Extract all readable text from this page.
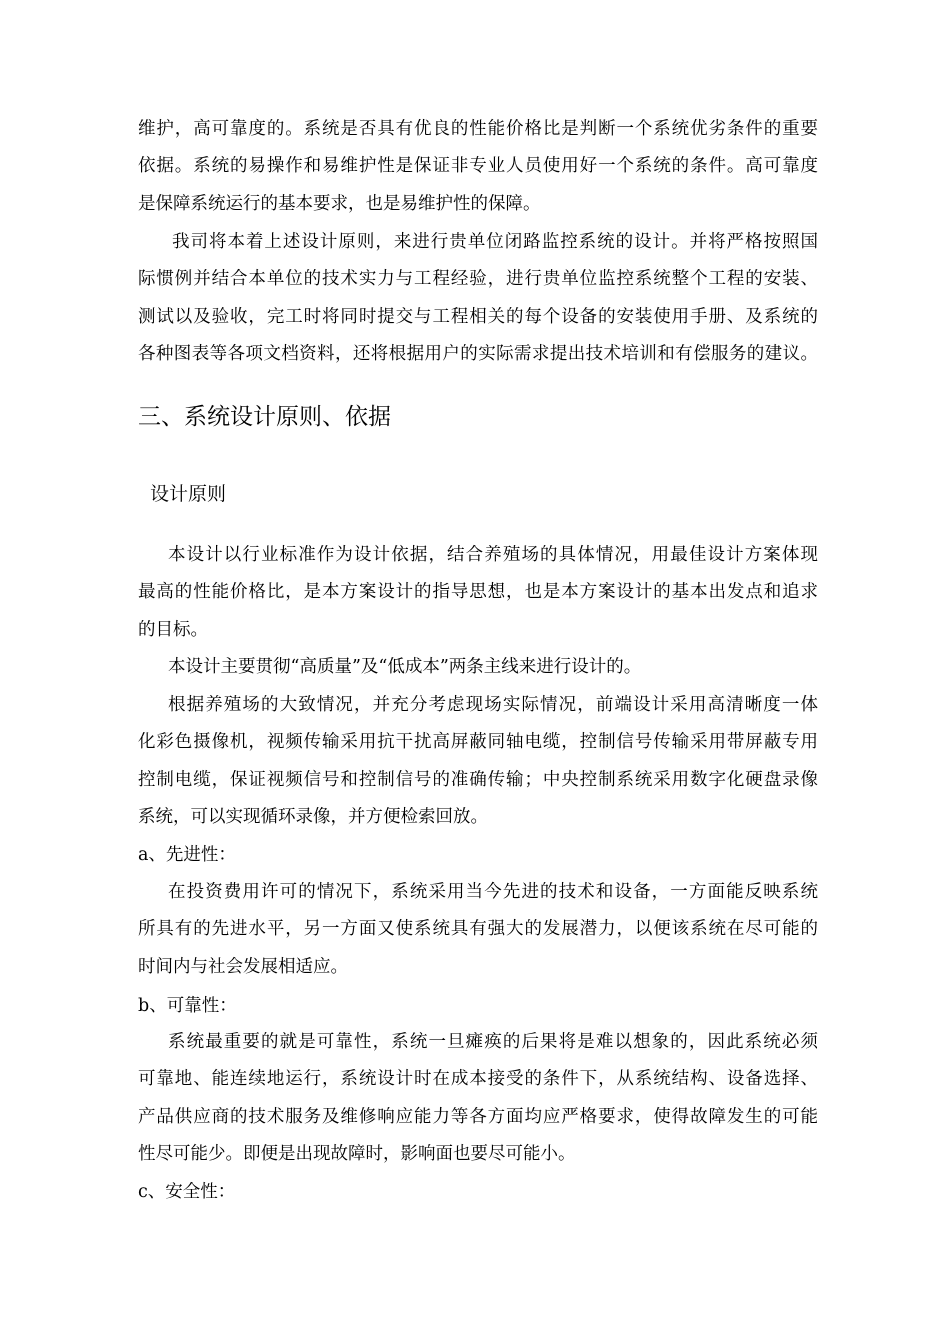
维护，高可靠度的。系统是否具有优良的性能价格比是判断一个系统优劣条件的重要
依据。系统的易操作和易维护性是保证非专业人员使用好一个系统的条件。高可靠度
是保障系统运行的基本要求，也是易维护性的保障。
我司将本着上述设计原则，来进行贵单位闭路监控系统的设计。并将严格按照国
际惯例并结合本单位的技术实力与工程经验，进行贵单位监控系统整个工程的安装、
测试以及验收，完工时将同时提交与工程相关的每个设备的安装使用手册、及系统的
各种图表等各项文档资料，还将根据用户的实际需求提出技术培训和有偿服务的建议。
三、系统设计原则、依据
设计原则
本设计以行业标准作为设计依据，结合养殖场的具体情况，用最佳设计方案体现
最高的性能价格比，是本方案设计的指导思想，也是本方案设计的基本出发点和追求
的目标。
本设计主要贯彻“高质量”及“低成本”两条主线来进行设计的。
根据养殖场的大致情况，并充分考虑现场实际情况，前端设计采用高清晰度一体
化彩色摄像机，视频传输采用抗干扰高屏蔽同轴电缆，控制信号传输采用带屏蔽专用
控制电缆，保证视频信号和控制信号的准确传输；中央控制系统采用数字化硬盘录像
系统，可以实现循环录像，并方便检索回放。
a、先进性：
在投资费用许可的情况下，系统采用当今先进的技术和设备，一方面能反映系统
所具有的先进水平，另一方面又使系统具有强大的发展潜力，以便该系统在尽可能的
时间内与社会发展相适应。
b、可靠性：
系统最重要的就是可靠性，系统一旦瘫痪的后果将是难以想象的，因此系统必须
可靠地、能连续地运行，系统设计时在成本接受的条件下，从系统结构、设备选择、
产品供应商的技术服务及维修响应能力等各方面均应严格要求，使得故障发生的可能
性尽可能少。即便是出现故障时，影响面也要尽可能小。
c、安全性：
